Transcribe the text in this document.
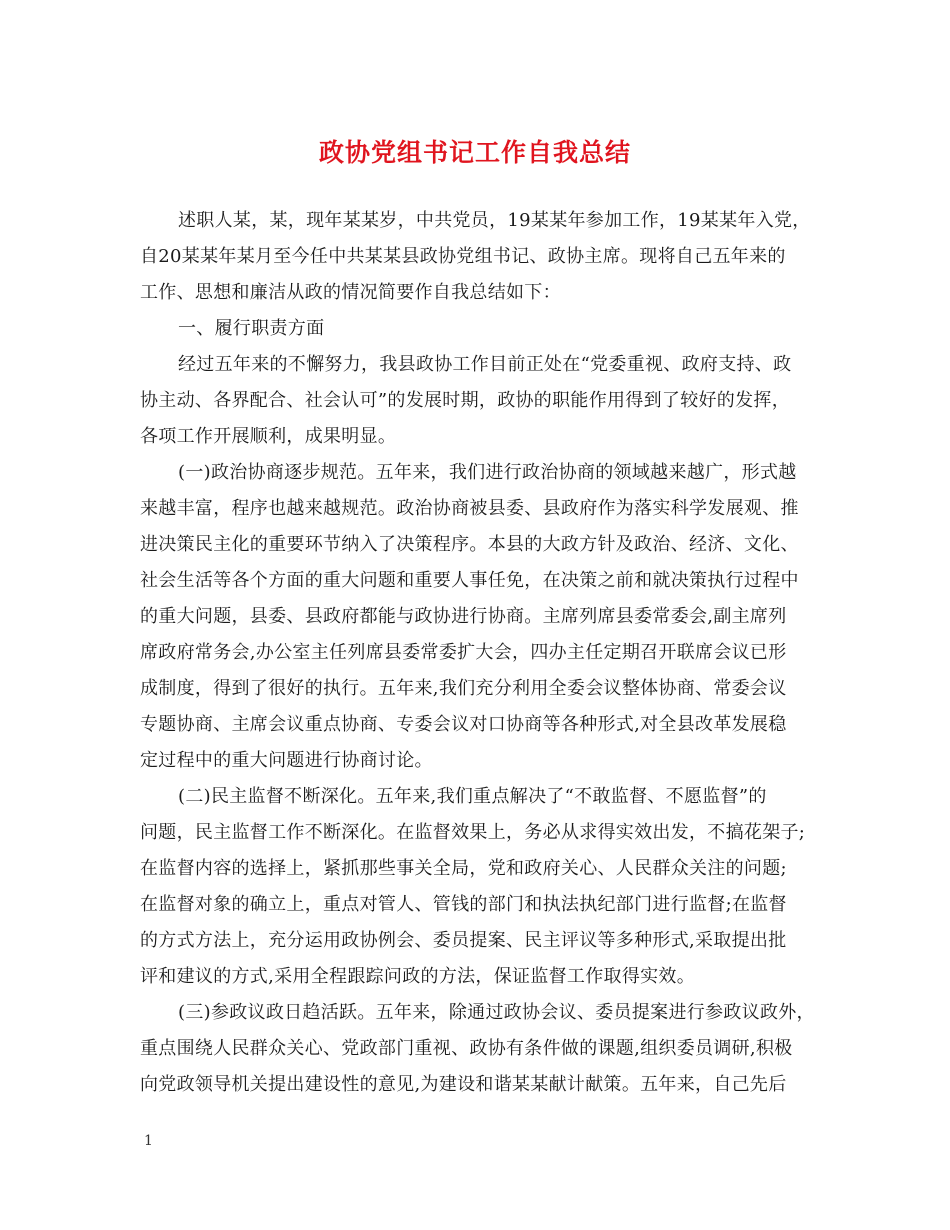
政协党组书记工作自我总结
述职人某，某，现年某某岁，中共党员，19某某年参加工作，19某某年入党，
自20某某年某月至今任中共某某县政协党组书记、政协主席。现将自己五年来的
工作、思想和廉洁从政的情况简要作自我总结如下：
一、履行职责方面
经过五年来的不懈努力，我县政协工作目前正处在“党委重视、政府支持、政
协主动、各界配合、社会认可”的发展时期，政协的职能作用得到了较好的发挥，
各项工作开展顺利，成果明显。
(一)政治协商逐步规范。五年来，我们进行政治协商的领域越来越广，形式越
来越丰富，程序也越来越规范。政治协商被县委、县政府作为落实科学发展观、推
进决策民主化的重要环节纳入了决策程序。本县的大政方针及政治、经济、文化、
社会生活等各个方面的重大问题和重要人事任免，在决策之前和就决策执行过程中
的重大问题，县委、县政府都能与政协进行协商。主席列席县委常委会,副主席列
席政府常务会,办公室主任列席县委常委扩大会，四办主任定期召开联席会议已形
成制度，得到了很好的执行。五年来,我们充分利用全委会议整体协商、常委会议
专题协商、主席会议重点协商、专委会议对口协商等各种形式,对全县改革发展稳
定过程中的重大问题进行协商讨论。
(二)民主监督不断深化。五年来,我们重点解决了“不敢监督、不愿监督”的
问题，民主监督工作不断深化。在监督效果上，务必从求得实效出发，不搞花架子;
在监督内容的选择上，紧抓那些事关全局，党和政府关心、人民群众关注的问题;
在监督对象的确立上，重点对管人、管钱的部门和执法执纪部门进行监督;在监督
的方式方法上，充分运用政协例会、委员提案、民主评议等多种形式,采取提出批
评和建议的方式,采用全程跟踪问政的方法，保证监督工作取得实效。
(三)参政议政日趋活跃。五年来，除通过政协会议、委员提案进行参政议政外，
重点围绕人民群众关心、党政部门重视、政协有条件做的课题,组织委员调研,积极
向党政领导机关提出建设性的意见,为建设和谐某某献计献策。五年来，自己先后
1
